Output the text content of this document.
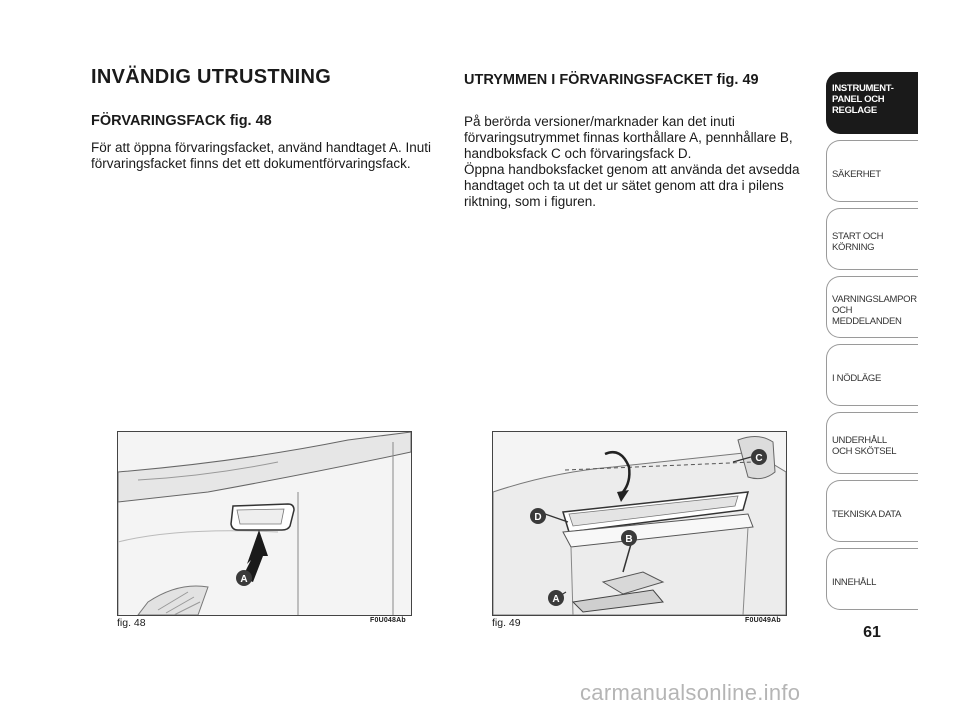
INVÄNDIG UTRUSTNING
FÖRVARINGSFACK fig. 48

För att öppna förvaringsfacket, använd handtaget A. Inuti förvaringsfacket finns det ett dokumentförvaringsfack.

UTRYMMEN I FÖRVARINGSFACKET fig. 49

På berörda versioner/marknader kan det inuti förvaringsutrymmet finnas korthållare A, pennhållare B, handboksfack C och förvaringsfack D.
Öppna handboksfacket genom att använda det avsedda handtaget och ta ut det ur sätet genom att dra i pilens riktning, som i figuren.

A

fig. 48	F0U048Ab

C
D
B
A

fig. 49	F0U049Ab

INSTRUMENT-
PANEL OCH
REGLAGE
SÄKERHET
START OCH
KÖRNING
VARNINGSLAMPOR
OCH
MEDDELANDEN
I NÖDLÄGE
UNDERHÅLL
OCH SKÖTSEL
TEKNISKA DATA
INNEHÅLL

61

carmanualsonline.info
